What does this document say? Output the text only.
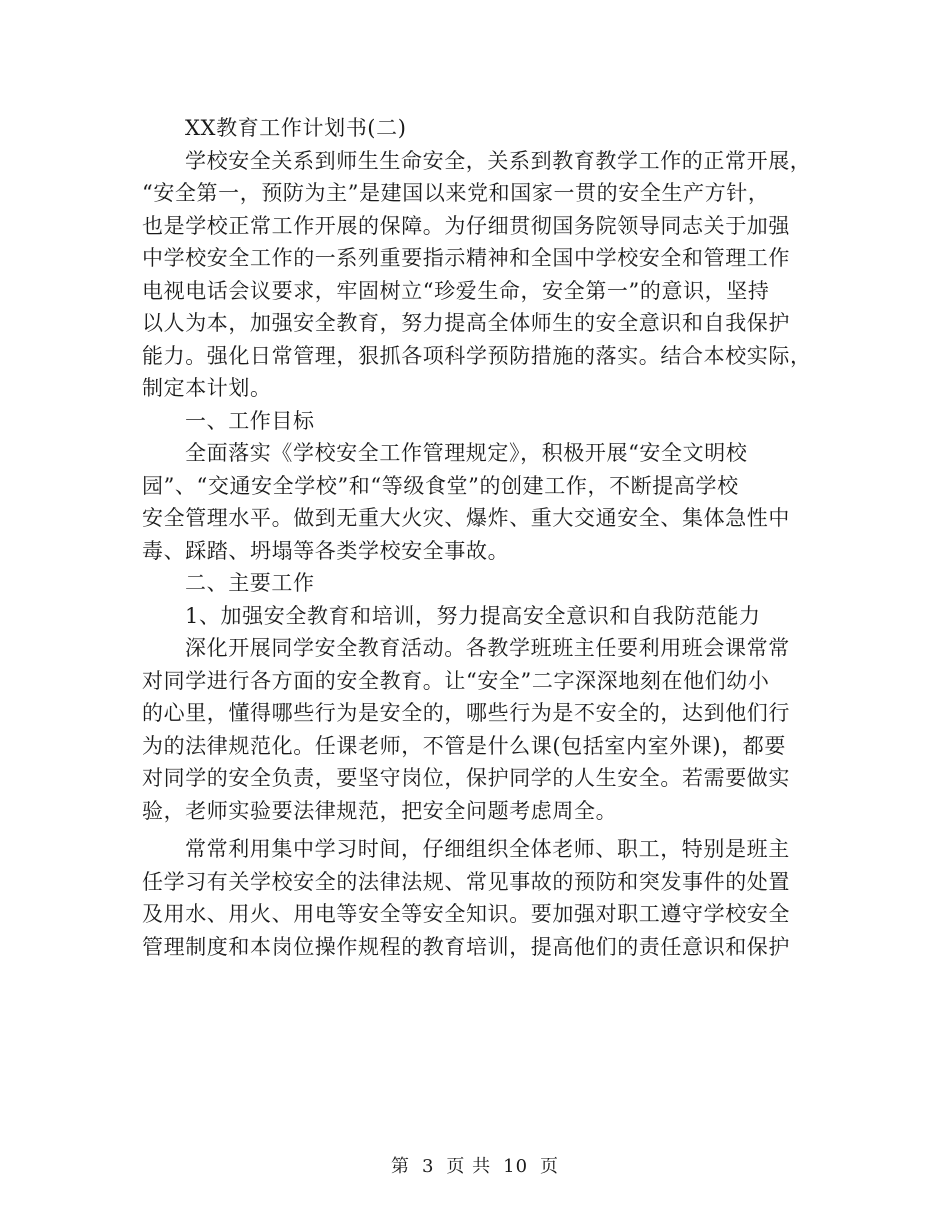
XX教育工作计划书(二)
学校安全关系到师生生命安全，关系到教育教学工作的正常开展，
“安全第一，预防为主”是建国以来党和国家一贯的安全生产方针，
也是学校正常工作开展的保障。为仔细贯彻国务院领导同志关于加强
中学校安全工作的一系列重要指示精神和全国中学校安全和管理工作
电视电话会议要求，牢固树立“珍爱生命，安全第一”的意识，坚持
以人为本，加强安全教育，努力提高全体师生的安全意识和自我保护
能力。强化日常管理，狠抓各项科学预防措施的落实。结合本校实际，
制定本计划。
一、工作目标
全面落实《学校安全工作管理规定》，积极开展“安全文明校
园”、“交通安全学校”和“等级食堂”的创建工作，不断提高学校
安全管理水平。做到无重大火灾、爆炸、重大交通安全、集体急性中
毒、踩踏、坍塌等各类学校安全事故。
二、主要工作
1、加强安全教育和培训，努力提高安全意识和自我防范能力
深化开展同学安全教育活动。各教学班班主任要利用班会课常常
对同学进行各方面的安全教育。让“安全”二字深深地刻在他们幼小
的心里，懂得哪些行为是安全的，哪些行为是不安全的，达到他们行
为的法律规范化。任课老师，不管是什么课(包括室内室外课)，都要
对同学的安全负责，要坚守岗位，保护同学的人生安全。若需要做实
验，老师实验要法律规范，把安全问题考虑周全。
常常利用集中学习时间，仔细组织全体老师、职工，特别是班主
任学习有关学校安全的法律法规、常见事故的预防和突发事件的处置
及用水、用火、用电等安全等安全知识。要加强对职工遵守学校安全
管理制度和本岗位操作规程的教育培训，提高他们的责任意识和保护
第 3 页 共 10 页
